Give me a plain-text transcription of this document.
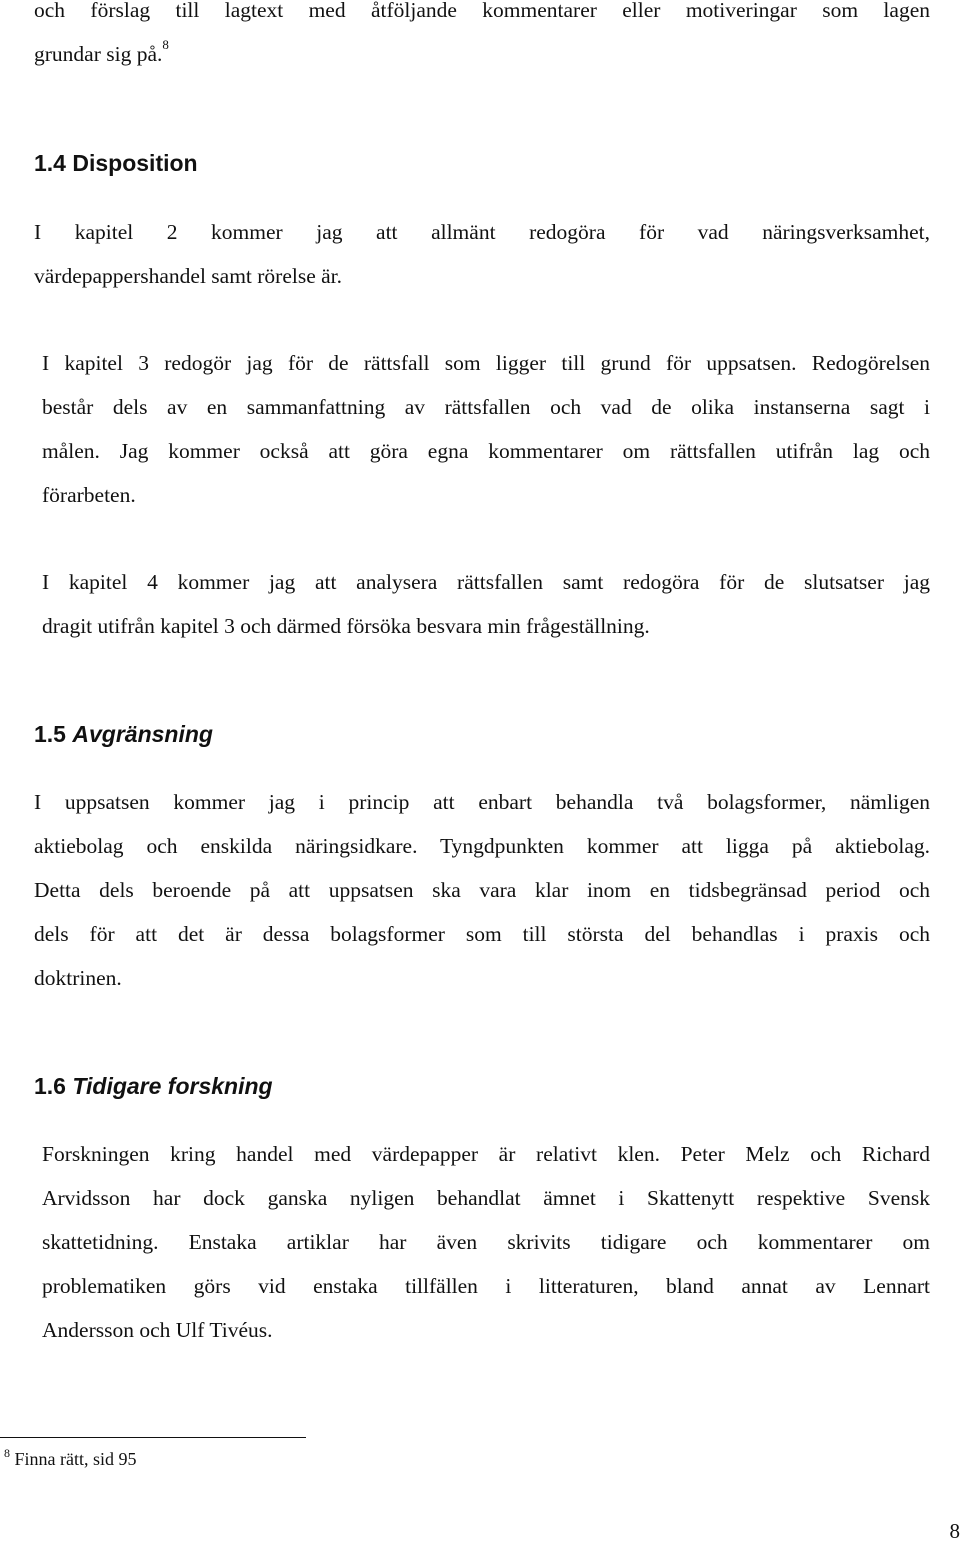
och förslag till lagtext med åtföljande kommentarer eller motiveringar som lagen
grundar sig på.$^8$
1.4 Disposition
I kapitel 2 kommer jag att allmänt redogöra för vad näringsverksamhet,
värdepappershandel samt rörelse är.
I kapitel 3 redogör jag för de rättsfall som ligger till grund för uppsatsen. Redogörelsen
består dels av en sammanfattning av rättsfallen och vad de olika instanserna sagt i
målen. Jag kommer också att göra egna kommentarer om rättsfallen utifrån lag och
förarbeten.
I kapitel 4 kommer jag att analysera rättsfallen samt redogöra för de slutsatser jag
dragit utifrån kapitel 3 och därmed försöka besvara min frågeställning.
1.5 Avgränsning
I uppsatsen kommer jag i princip att enbart behandla två bolagsformer, nämligen
aktiebolag och enskilda näringsidkare. Tyngdpunkten kommer att ligga på aktiebolag.
Detta dels beroende på att uppsatsen ska vara klar inom en tidsbegränsad period och
dels för att det är dessa bolagsformer som till största del behandlas i praxis och
doktrinen.
1.6 Tidigare forskning
Forskningen kring handel med värdepapper är relativt klen. Peter Melz och Richard
Arvidsson har dock ganska nyligen behandlat ämnet i Skattenytt respektive Svensk
skattetidning. Enstaka artiklar har även skrivits tidigare och kommentarer om
problematiken görs vid enstaka tillfällen i litteraturen, bland annat av Lennart
Andersson och Ulf Tivéus.
$^8$ Finna rätt, sid 95
8
